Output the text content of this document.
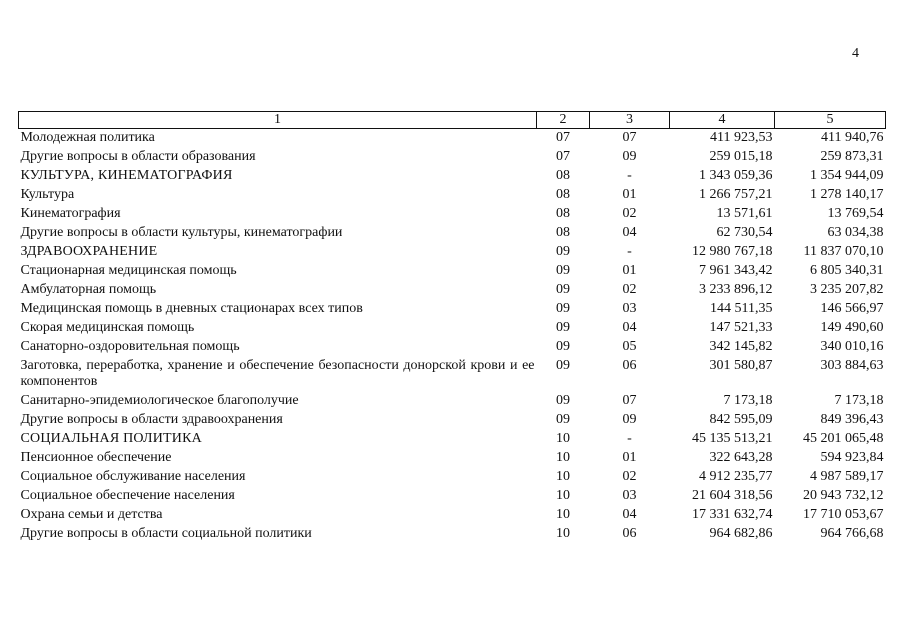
4
1	2	3	4	5
Молодежная политика	07	07	411 923,53	411 940,76
Другие вопросы в области образования	07	09	259 015,18	259 873,31
КУЛЬТУРА, КИНЕМАТОГРАФИЯ	08	-	1 343 059,36	1 354 944,09
Культура	08	01	1 266 757,21	1 278 140,17
Кинематография	08	02	13 571,61	13 769,54
Другие вопросы в области культуры, кинематографии	08	04	62 730,54	63 034,38
ЗДРАВООХРАНЕНИЕ	09	-	12 980 767,18	11 837 070,10
Стационарная медицинская помощь	09	01	7 961 343,42	6 805 340,31
Амбулаторная помощь	09	02	3 233 896,12	3 235 207,82
Медицинская помощь в дневных стационарах всех типов	09	03	144 511,35	146 566,97
Скорая медицинская помощь	09	04	147 521,33	149 490,60
Санаторно-оздоровительная помощь	09	05	342 145,82	340 010,16
Заготовка, переработка, хранение и обеспечение безопасности донорской крови и ее компонентов	09	06	301 580,87	303 884,63
Санитарно-эпидемиологическое благополучие	09	07	7 173,18	7 173,18
Другие вопросы в области здравоохранения	09	09	842 595,09	849 396,43
СОЦИАЛЬНАЯ ПОЛИТИКА	10	-	45 135 513,21	45 201 065,48
Пенсионное обеспечение	10	01	322 643,28	594 923,84
Социальное обслуживание населения	10	02	4 912 235,77	4 987 589,17
Социальное обеспечение населения	10	03	21 604 318,56	20 943 732,12
Охрана семьи и детства	10	04	17 331 632,74	17 710 053,67
Другие вопросы в области социальной политики	10	06	964 682,86	964 766,68
